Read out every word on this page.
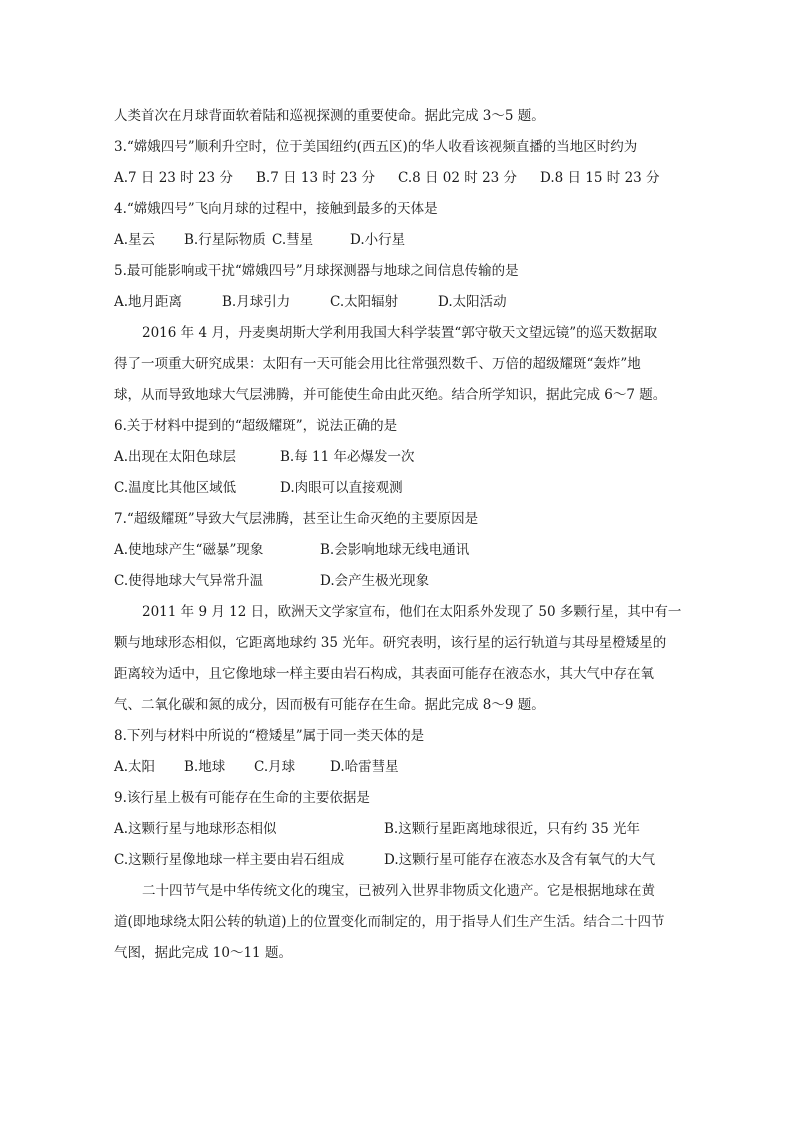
人类首次在月球背面软着陆和巡视探测的重要使命。据此完成 3～5 题。
3.“嫦娥四号”顺利升空时，位于美国纽约(西五区)的华人收看该视频直播的当地区时约为
A.7 日 23 时 23 分	B.7 日 13 时 23 分	C.8 日 02 时 23 分	D.8 日 15 时 23 分
4.“嫦娥四号”飞向月球的过程中，接触到最多的天体是
A.星云	B.行星际物质 C.彗星	D.小行星
5.最可能影响或干扰“嫦娥四号”月球探测器与地球之间信息传输的是
A.地月距离	B.月球引力	C.太阳辐射	D.太阳活动
2016 年 4 月，丹麦奥胡斯大学利用我国大科学装置“郭守敬天文望远镜”的巡天数据取
得了一项重大研究成果：太阳有一天可能会用比往常强烈数千、万倍的超级耀斑“轰炸”地
球，从而导致地球大气层沸腾，并可能使生命由此灭绝。结合所学知识，据此完成 6～7 题。
6.关于材料中提到的“超级耀斑”，说法正确的是
A.出现在太阳色球层	B.每 11 年必爆发一次
C.温度比其他区域低	D.肉眼可以直接观测
7.“超级耀斑”导致大气层沸腾，甚至让生命灭绝的主要原因是
A.使地球产生“磁暴”现象	B.会影响地球无线电通讯
C.使得地球大气异常升温	D.会产生极光现象
2011 年 9 月 12 日，欧洲天文学家宣布，他们在太阳系外发现了 50 多颗行星，其中有一
颗与地球形态相似，它距离地球约 35 光年。研究表明，该行星的运行轨道与其母星橙矮星的
距离较为适中，且它像地球一样主要由岩石构成，其表面可能存在液态水，其大气中存在氧
气、二氧化碳和氮的成分，因而极有可能存在生命。据此完成 8～9 题。
8.下列与材料中所说的“橙矮星”属于同一类天体的是
A.太阳	B.地球	C.月球	D.哈雷彗星
9.该行星上极有可能存在生命的主要依据是
A.这颗行星与地球形态相似	B.这颗行星距离地球很近，只有约 35 光年
C.这颗行星像地球一样主要由岩石组成	D.这颗行星可能存在液态水及含有氧气的大气
二十四节气是中华传统文化的瑰宝，已被列入世界非物质文化遗产。它是根据地球在黄
道(即地球绕太阳公转的轨道)上的位置变化而制定的，用于指导人们生产生活。结合二十四节
气图，据此完成 10～11 题。
